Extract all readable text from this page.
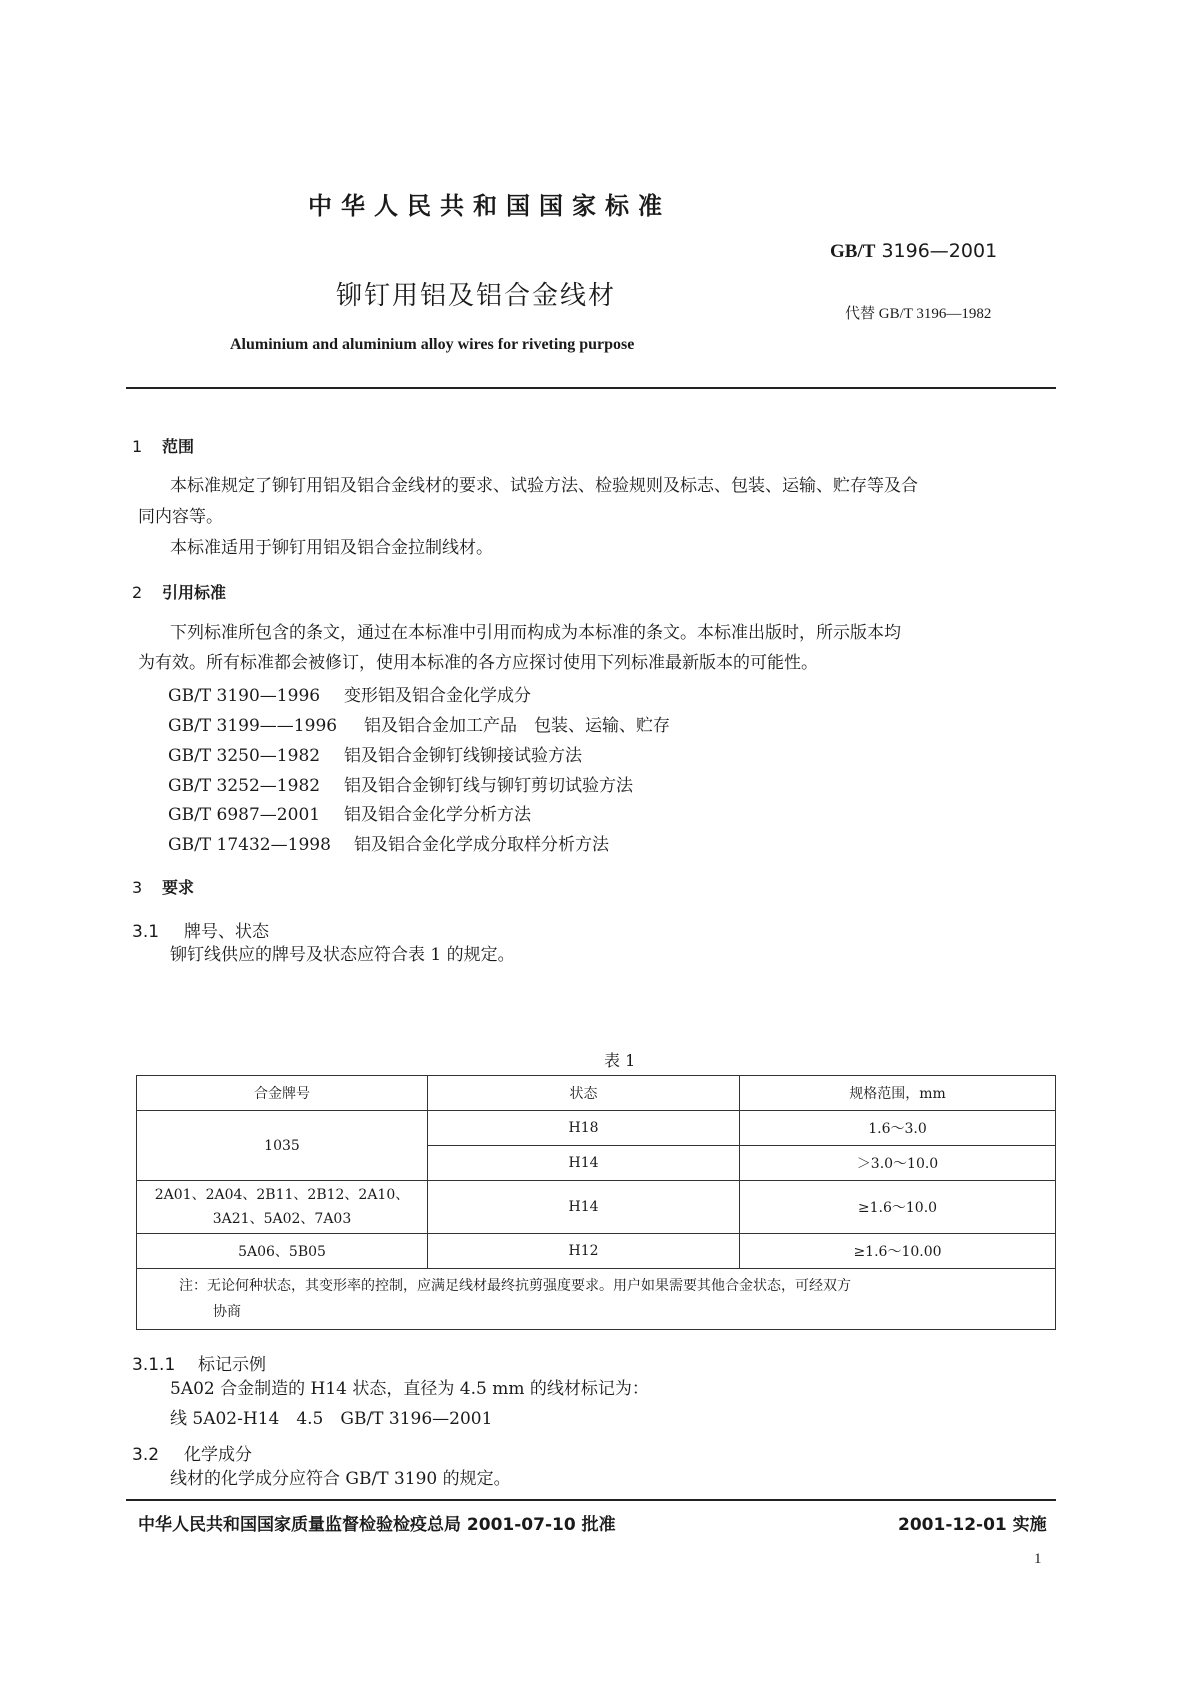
中华人民共和国国家标准
GB/T 3196—2001
铆钉用铝及铝合金线材
代替 GB/T 3196—1982
Aluminium and aluminium alloy wires for riveting purpose
1 范围
本标准规定了铆钉用铝及铝合金线材的要求、试验方法、检验规则及标志、包装、运输、贮存等及合
同内容等。
本标准适用于铆钉用铝及铝合金拉制线材。
2 引用标准
下列标准所包含的条文，通过在本标准中引用而构成为本标准的条文。本标准出版时，所示版本均
为有效。所有标准都会被修订，使用本标准的各方应探讨使用下列标准最新版本的可能性。
GB/T 3190—1996 变形铝及铝合金化学成分
GB/T 3199——1996 铝及铝合金加工产品　包装、运输、贮存
GB/T 3250—1982 铝及铝合金铆钉线铆接试验方法
GB/T 3252—1982 铝及铝合金铆钉线与铆钉剪切试验方法
GB/T 6987—2001 铝及铝合金化学分析方法
GB/T 17432—1998 铝及铝合金化学成分取样分析方法
3 要求
3.1 牌号、状态
铆钉线供应的牌号及状态应符合表 1 的规定。
表 1
合金牌号	状态	规格范围，mm
1035	H18	1.6～3.0
	H14	＞3.0～10.0
2A01、2A04、2B11、2B12、2A10、
3A21、5A02、7A03	H14	≥1.6～10.0
5A06、5B05	H12	≥1.6～10.00
注：无论何种状态，其变形率的控制，应满足线材最终抗剪强度要求。用户如果需要其他合金状态，可经双方
协商		
3.1.1 标记示例
5A02 合金制造的 H14 状态，直径为 4.5 mm 的线材标记为：
线 5A02-H14　4.5　GB/T 3196—2001
3.2 化学成分
线材的化学成分应符合 GB/T 3190 的规定。
中华人民共和国国家质量监督检验检疫总局 2001-07-10 批准	2001-12-01 实施
1
